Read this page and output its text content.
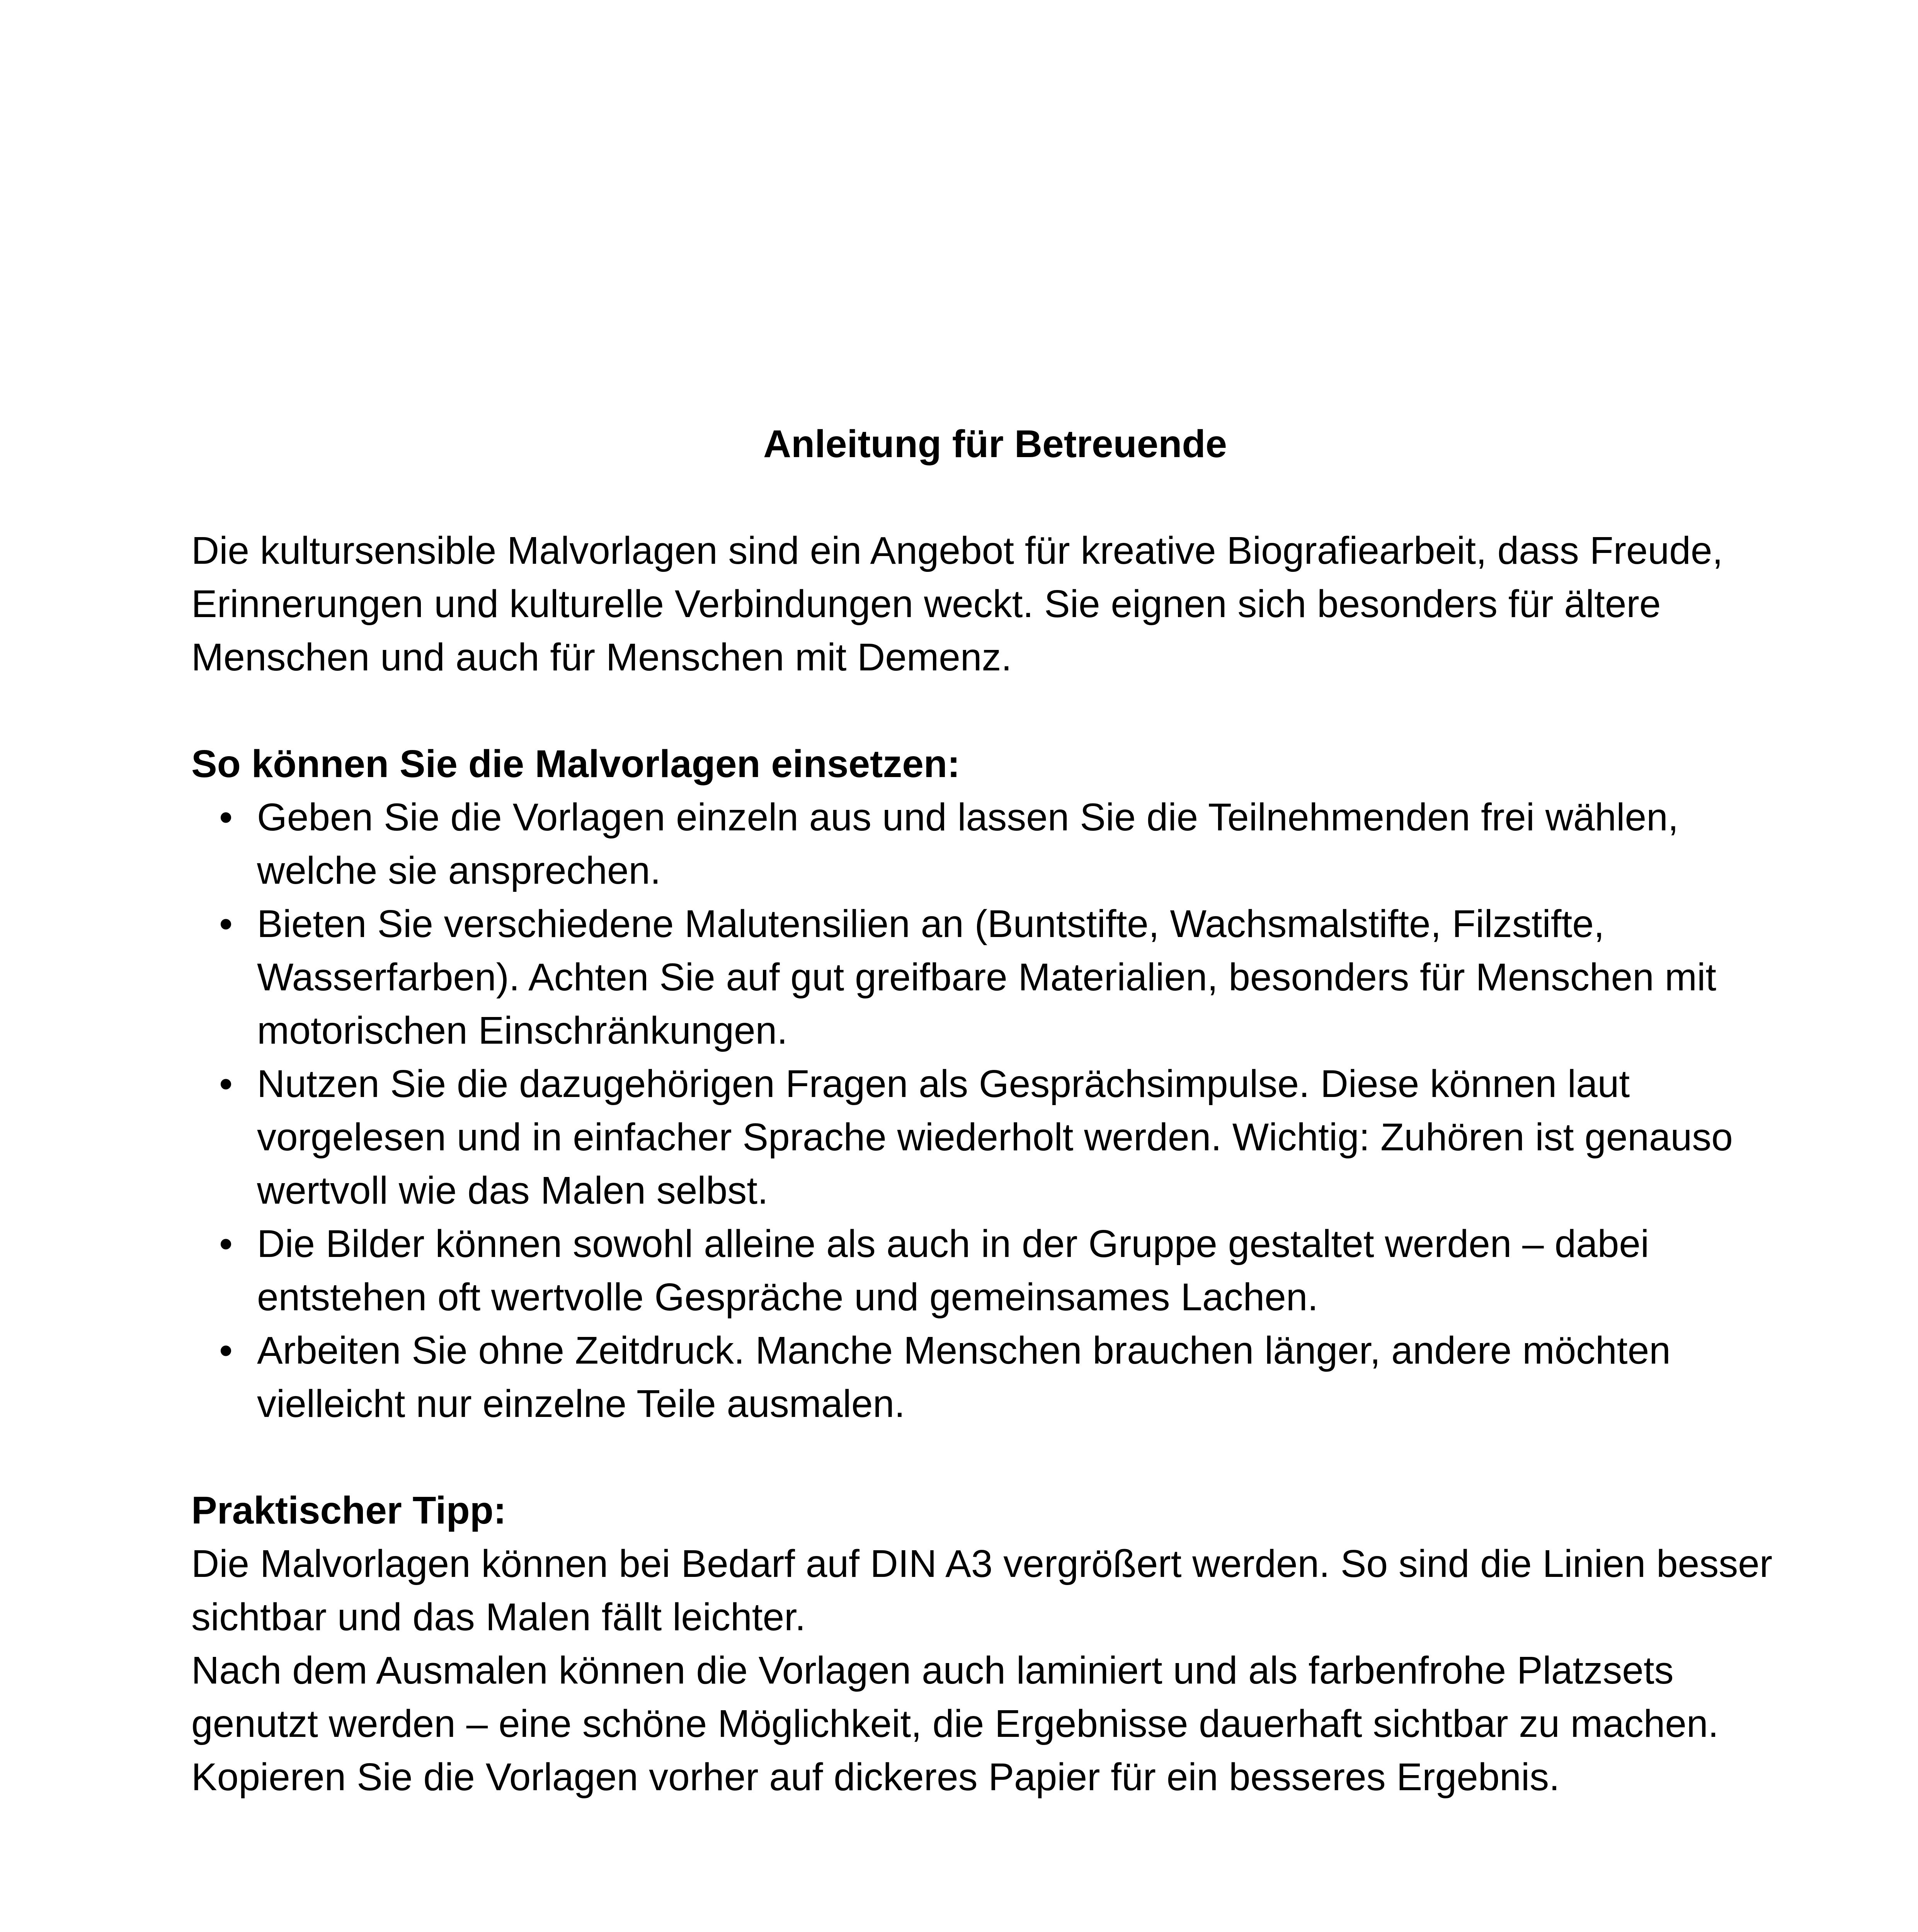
Anleitung für Betreuende

Die kultursensible Malvorlagen sind ein Angebot für kreative Biografiearbeit, dass Freude, Erinnerungen und kulturelle Verbindungen weckt. Sie eignen sich besonders für ältere Menschen und auch für Menschen mit Demenz.

So können Sie die Malvorlagen einsetzen:
• Geben Sie die Vorlagen einzeln aus und lassen Sie die Teilnehmenden frei wählen, welche sie ansprechen.
• Bieten Sie verschiedene Malutensilien an (Buntstifte, Wachsmalstifte, Filzstifte, Wasserfarben). Achten Sie auf gut greifbare Materialien, besonders für Menschen mit motorischen Einschränkungen.
• Nutzen Sie die dazugehörigen Fragen als Gesprächsimpulse. Diese können laut vorgelesen und in einfacher Sprache wiederholt werden. Wichtig: Zuhören ist genauso wertvoll wie das Malen selbst.
• Die Bilder können sowohl alleine als auch in der Gruppe gestaltet werden – dabei entstehen oft wertvolle Gespräche und gemeinsames Lachen.
• Arbeiten Sie ohne Zeitdruck. Manche Menschen brauchen länger, andere möchten vielleicht nur einzelne Teile ausmalen.
Praktischer Tipp:

Die Malvorlagen können bei Bedarf auf DIN A3 vergrößert werden. So sind die Linien besser sichtbar und das Malen fällt leichter.

Nach dem Ausmalen können die Vorlagen auch laminiert und als farbenfrohe Platzsets genutzt werden – eine schöne Möglichkeit, die Ergebnisse dauerhaft sichtbar zu machen. Kopieren Sie die Vorlagen vorher auf dickeres Papier für ein besseres Ergebnis.
